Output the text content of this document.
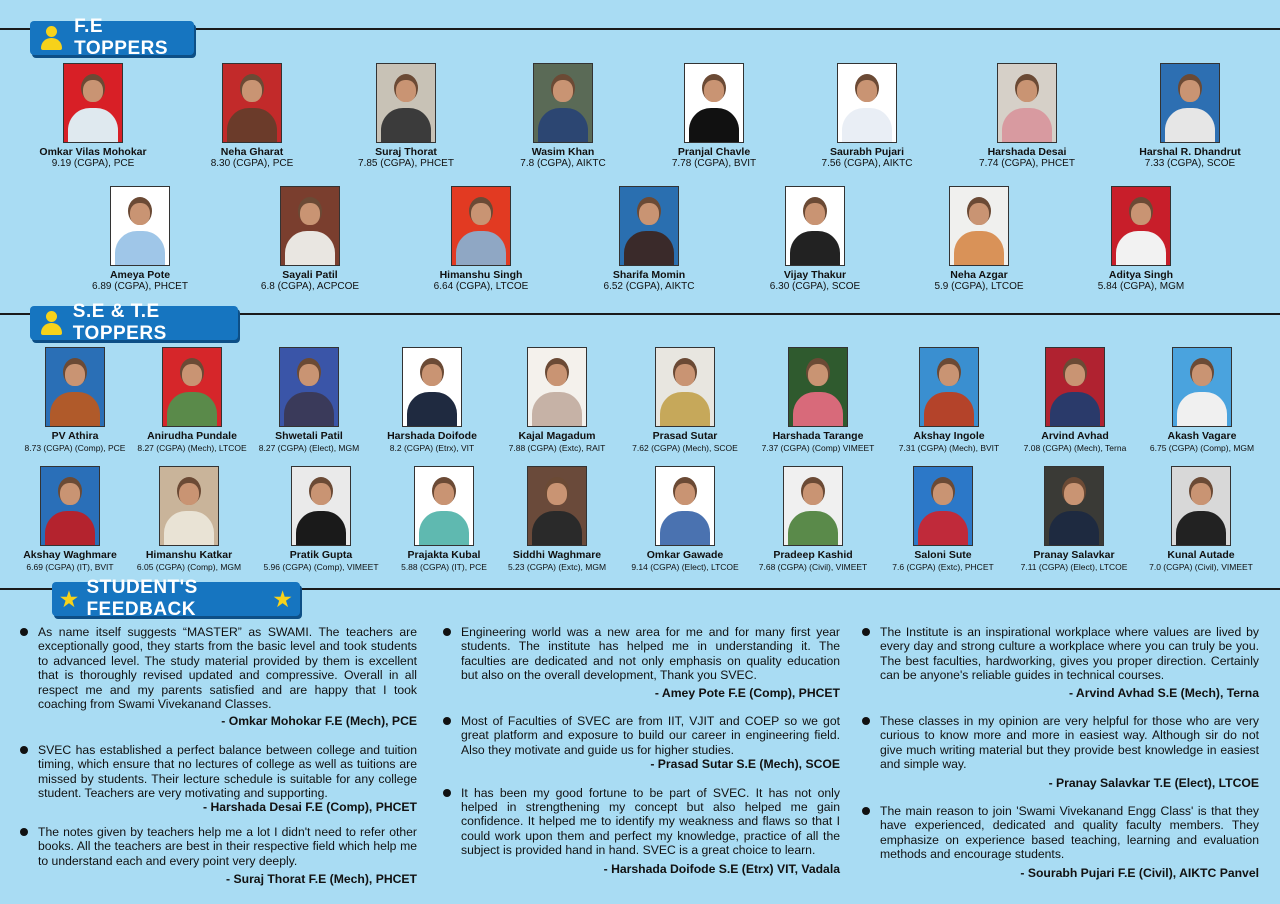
F.E TOPPERS
S.E & T.E TOPPERS
★
STUDENT'S FEEDBACK	★
Omkar Vilas Mohokar
9.19 (CGPA), PCE
Neha Gharat
8.30 (CGPA), PCE
Suraj Thorat
7.85 (CGPA), PHCET
Wasim Khan
7.8 (CGPA), AIKTC
Pranjal Chavle
7.78 (CGPA), BVIT
Saurabh Pujari
7.56 (CGPA), AIKTC
Harshada Desai
7.74 (CGPA), PHCET
Harshal R. Dhandrut
7.33 (CGPA), SCOE
Ameya Pote
6.89 (CGPA), PHCET
Sayali Patil
6.8 (CGPA), ACPCOE
Himanshu Singh
6.64 (CGPA), LTCOE
Sharifa Momin
6.52 (CGPA), AIKTC
Vijay Thakur
6.30 (CGPA), SCOE
Neha Azgar
5.9 (CGPA), LTCOE
Aditya Singh
5.84 (CGPA), MGM
PV Athira
8.73 (CGPA) (Comp), PCE
Anirudha Pundale
8.27 (CGPA) (Mech), LTCOE
Shwetali Patil
8.27 (CGPA) (Elect), MGM
Harshada Doifode
8.2 (CGPA) (Etrx), VIT
Kajal Magadum
7.88 (CGPA) (Extc), RAIT
Prasad Sutar
7.62 (CGPA) (Mech), SCOE
Harshada Tarange
7.37 (CGPA) (Comp) VIMEET
Akshay Ingole
7.31 (CGPA) (Mech), BVIT
Arvind Avhad
7.08 (CGPA) (Mech), Terna
Akash Vagare
6.75 (CGPA) (Comp), MGM
Akshay Waghmare
6.69 (CGPA) (IT), BVIT
Himanshu Katkar
6.05 (CGPA) (Comp), MGM
Pratik Gupta
5.96 (CGPA) (Comp), VIMEET
Prajakta Kubal
5.88 (CGPA) (IT), PCE
Siddhi Waghmare
5.23 (CGPA) (Extc), MGM
Omkar Gawade
9.14 (CGPA) (Elect), LTCOE
Pradeep Kashid
7.68 (CGPA) (Civil), VIMEET
Saloni Sute
7.6 (CGPA) (Extc), PHCET
Pranay Salavkar
7.11 (CGPA) (Elect), LTCOE
Kunal Autade
7.0 (CGPA) (Civil), VIMEET
As name itself suggests “MASTER” as SWAMI. The teachers are exceptionally good, they starts from the basic level and took students to advanced level. The study material provided by them is excellent that is thoroughly revised updated and compressive. Overall in all respect me and my parents satisfied and are happy that I took coaching from Swami Vivekanand Classes.
- Omkar Mohokar F.E (Mech), PCE
SVEC has established a perfect balance between college and tuition timing, which ensure that no lectures of college as well as tuitions are missed by students. Their lecture schedule is suitable for any college student. Teachers are very motivating and supporting.
- Harshada Desai F.E (Comp), PHCET
The notes given by teachers help me a lot I didn't need to refer other books. All the teachers are best in their respective field which help me to understand each and every point very deeply.
- Suraj Thorat F.E (Mech), PHCET
Engineering world was a new area for me and for many first year students. The institute has helped me in understanding it. The faculties are dedicated and not only emphasis on quality education but also on the overall development, Thank you SVEC.
- Amey Pote F.E (Comp), PHCET
Most of Faculties of SVEC are from IIT, VJIT and COEP so we got great platform and exposure to build our career in engineering field. Also they motivate and guide us for higher studies.
- Prasad Sutar S.E (Mech), SCOE
It has been my good fortune to be part of SVEC. It has not only helped in strengthening my concept but also helped me gain confidence. It helped me to identify my weakness and flaws so that I could work upon them and perfect my knowledge, practice of all the subject is provided hand in hand. SVEC is a great choice to learn.
- Harshada Doifode S.E (Etrx) VIT, Vadala
The Institute is an inspirational workplace where values are lived by every day and strong culture a workplace where you can truly be you. The best faculties, hardworking, gives you proper direction. Certainly can be anyone's reliable guides in technical courses.
- Arvind Avhad S.E (Mech), Terna
These classes in my opinion are very helpful for those who are very curious to know more and more in easiest way. Although sir do not give much writing material but they provide best knowledge in easiest and simple way.
- Pranay Salavkar T.E (Elect), LTCOE
The main reason to join 'Swami Vivekanand Engg Class' is that they have experienced, dedicated and quality faculty members. They emphasize on experience based teaching, learning and evaluation methods and encourage students.
- Sourabh Pujari F.E (Civil), AIKTC Panvel
